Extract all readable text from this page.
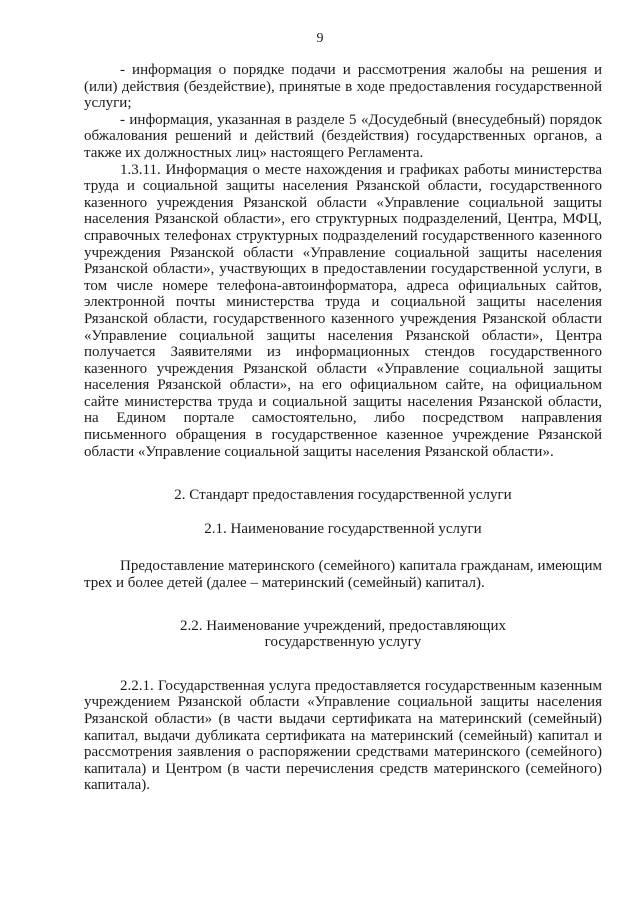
9

- информация о порядке подачи и рассмотрения жалобы на решения и (или) действия (бездействие), принятые в ходе предоставления государственной услуги;

- информация, указанная в разделе 5 «Досудебный (внесудебный) порядок обжалования решений и действий (бездействия) государственных органов, а также их должностных лиц» настоящего Регламента.

1.3.11. Информация о месте нахождения и графиках работы министерства труда и социальной защиты населения Рязанской области, государственного казенного учреждения Рязанской области «Управление социальной защиты населения Рязанской области», его структурных подразделений, Центра, МФЦ, справочных телефонах структурных подразделений государственного казенного учреждения Рязанской области «Управление социальной защиты населения Рязанской области», участвующих в предоставлении государственной услуги, в том числе номере телефона-автоинформатора, адреса официальных сайтов, электронной почты министерства труда и социальной защиты населения Рязанской области, государственного казенного учреждения Рязанской области «Управление социальной защиты населения Рязанской области», Центра получается Заявителями из информационных стендов государственного казенного учреждения Рязанской области «Управление социальной защиты населения Рязанской области», на его официальном сайте, на официальном сайте министерства труда и социальной защиты населения Рязанской области, на Едином портале самостоятельно, либо посредством направления письменного обращения в государственное казенное учреждение Рязанской области «Управление социальной защиты населения Рязанской области».

2. Стандарт предоставления государственной услуги

2.1. Наименование государственной услуги

Предоставление материнского (семейного) капитала гражданам, имеющим трех и более детей (далее – материнский (семейный) капитал).

2.2. Наименование учреждений, предоставляющих

государственную услугу

2.2.1. Государственная услуга предоставляется государственным казенным учреждением Рязанской области «Управление социальной защиты населения Рязанской области» (в части выдачи сертификата на материнский (семейный) капитал, выдачи дубликата сертификата на материнский (семейный) капитал и рассмотрения заявления о распоряжении средствами материнского (семейного) капитала) и Центром (в части перечисления средств материнского (семейного) капитала).
